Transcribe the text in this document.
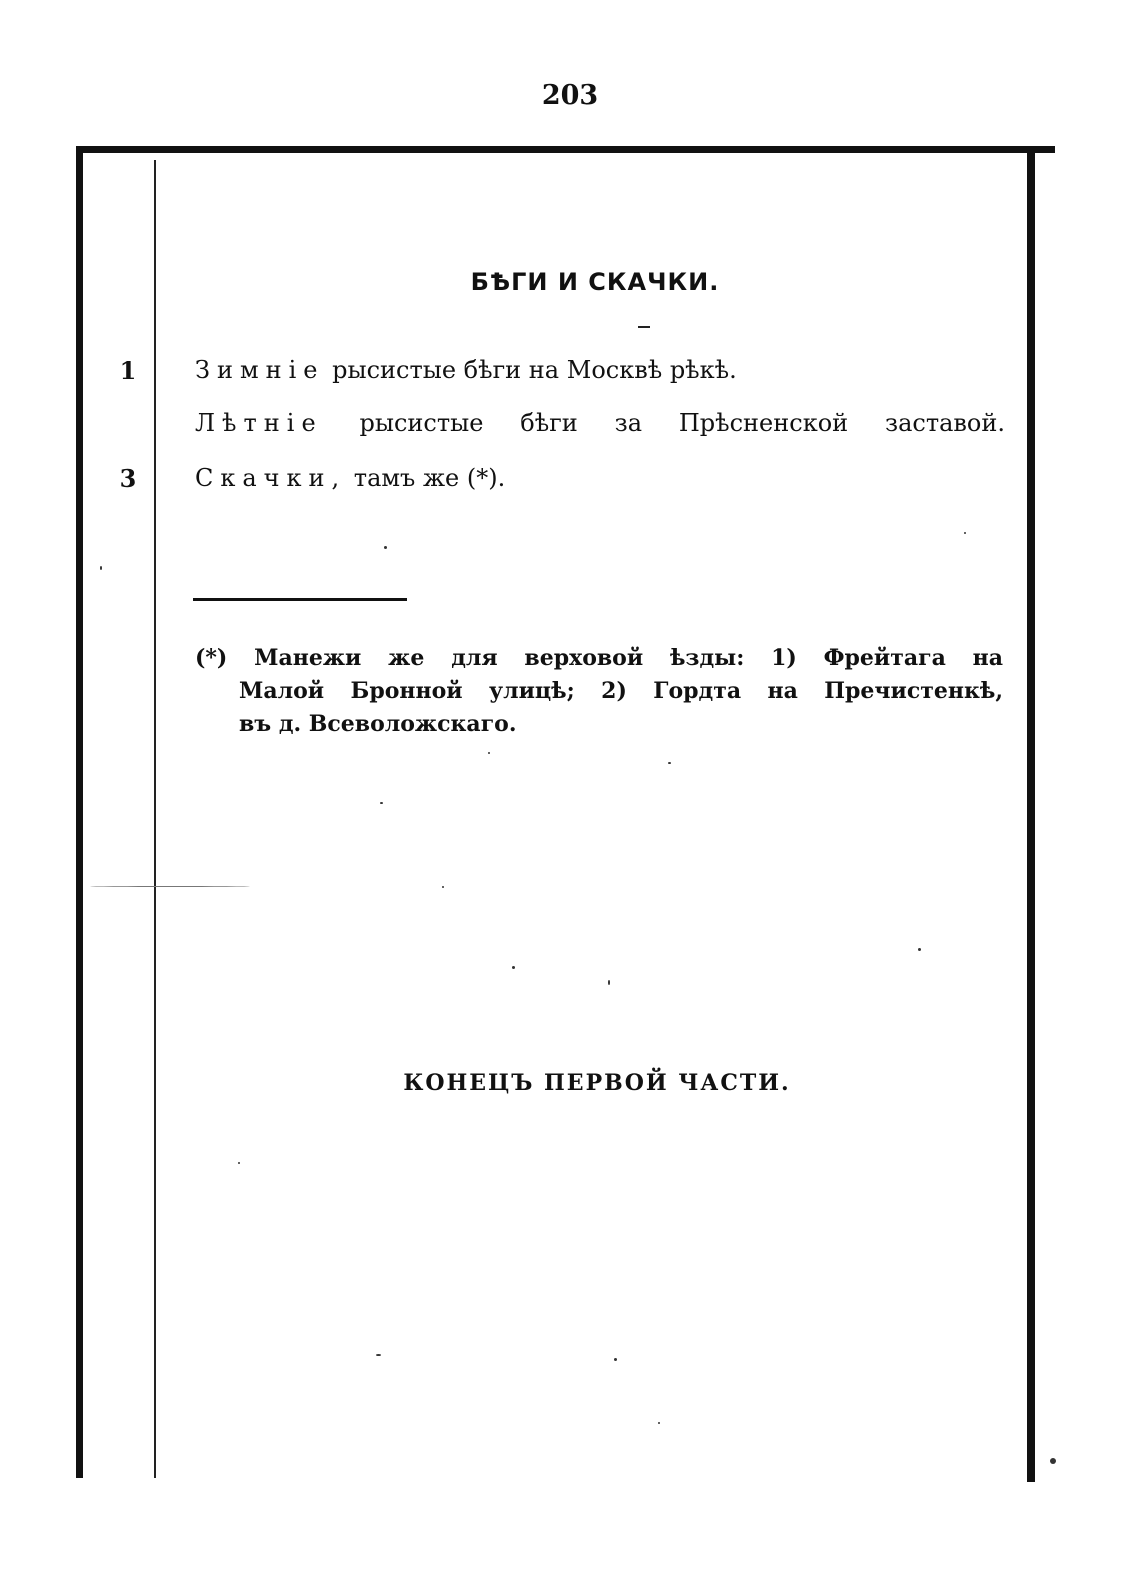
203
БѢГИ И СКАЧКИ.
1	Зимніе рысистые бѣги на Москвѣ рѣкѣ.
Лѣтніе рысистые бѣги за Прѣсненской заставой.
3	Скачки, тамъ же (*).
(*) Манежи же для верховой ѣзды: 1) Фрейтага на
Малой Бронной улицѣ; 2) Гордта на Пречистенкѣ,
въ д. Всеволожскаго.
КОНЕЦЪ ПЕРВОЙ ЧАСТИ.
